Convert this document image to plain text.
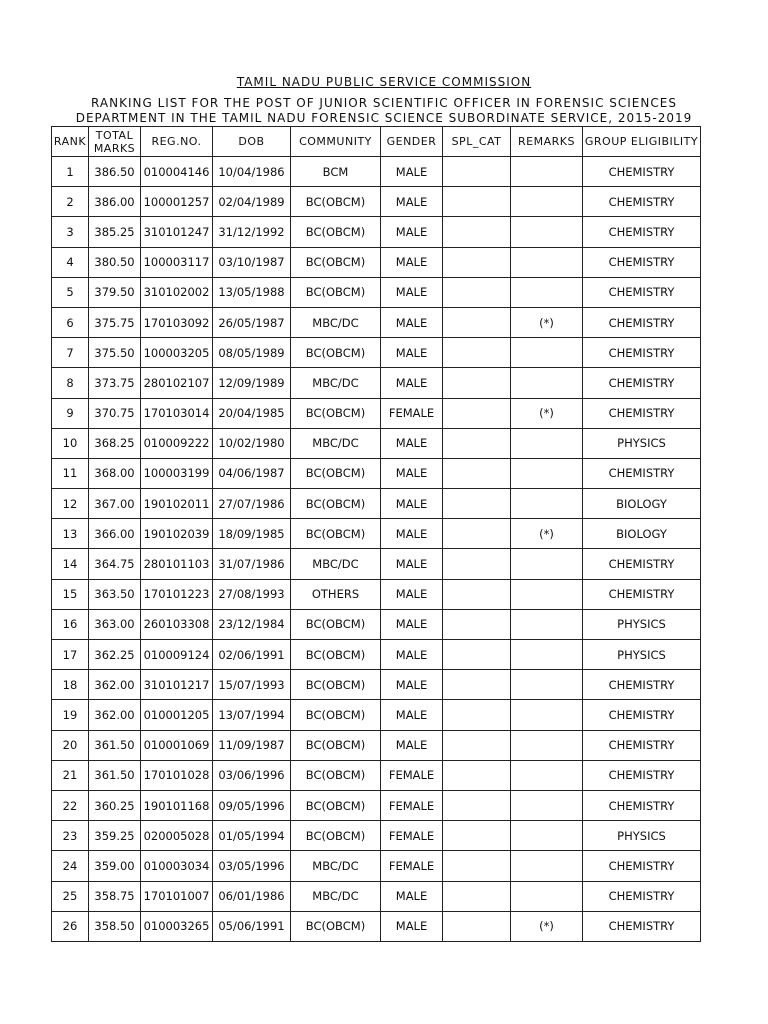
TAMIL NADU PUBLIC SERVICE COMMISSION
RANKING LIST FOR THE POST OF JUNIOR SCIENTIFIC OFFICER IN FORENSIC SCIENCES
DEPARTMENT IN THE TAMIL NADU FORENSIC SCIENCE SUBORDINATE SERVICE, 2015-2019
RANK	TOTAL MARKS	REG.NO.	DOB	COMMUNITY	GENDER	SPL_CAT	REMARKS	GROUP ELIGIBILITY
1	386.50	010004146	10/04/1986	BCM	MALE			CHEMISTRY
2	386.00	100001257	02/04/1989	BC(OBCM)	MALE			CHEMISTRY
3	385.25	310101247	31/12/1992	BC(OBCM)	MALE			CHEMISTRY
4	380.50	100003117	03/10/1987	BC(OBCM)	MALE			CHEMISTRY
5	379.50	310102002	13/05/1988	BC(OBCM)	MALE			CHEMISTRY
6	375.75	170103092	26/05/1987	MBC/DC	MALE		(*)	CHEMISTRY
7	375.50	100003205	08/05/1989	BC(OBCM)	MALE			CHEMISTRY
8	373.75	280102107	12/09/1989	MBC/DC	MALE			CHEMISTRY
9	370.75	170103014	20/04/1985	BC(OBCM)	FEMALE		(*)	CHEMISTRY
10	368.25	010009222	10/02/1980	MBC/DC	MALE			PHYSICS
11	368.00	100003199	04/06/1987	BC(OBCM)	MALE			CHEMISTRY
12	367.00	190102011	27/07/1986	BC(OBCM)	MALE			BIOLOGY
13	366.00	190102039	18/09/1985	BC(OBCM)	MALE		(*)	BIOLOGY
14	364.75	280101103	31/07/1986	MBC/DC	MALE			CHEMISTRY
15	363.50	170101223	27/08/1993	OTHERS	MALE			CHEMISTRY
16	363.00	260103308	23/12/1984	BC(OBCM)	MALE			PHYSICS
17	362.25	010009124	02/06/1991	BC(OBCM)	MALE			PHYSICS
18	362.00	310101217	15/07/1993	BC(OBCM)	MALE			CHEMISTRY
19	362.00	010001205	13/07/1994	BC(OBCM)	MALE			CHEMISTRY
20	361.50	010001069	11/09/1987	BC(OBCM)	MALE			CHEMISTRY
21	361.50	170101028	03/06/1996	BC(OBCM)	FEMALE			CHEMISTRY
22	360.25	190101168	09/05/1996	BC(OBCM)	FEMALE			CHEMISTRY
23	359.25	020005028	01/05/1994	BC(OBCM)	FEMALE			PHYSICS
24	359.00	010003034	03/05/1996	MBC/DC	FEMALE			CHEMISTRY
25	358.75	170101007	06/01/1986	MBC/DC	MALE			CHEMISTRY
26	358.50	010003265	05/06/1991	BC(OBCM)	MALE		(*)	CHEMISTRY
